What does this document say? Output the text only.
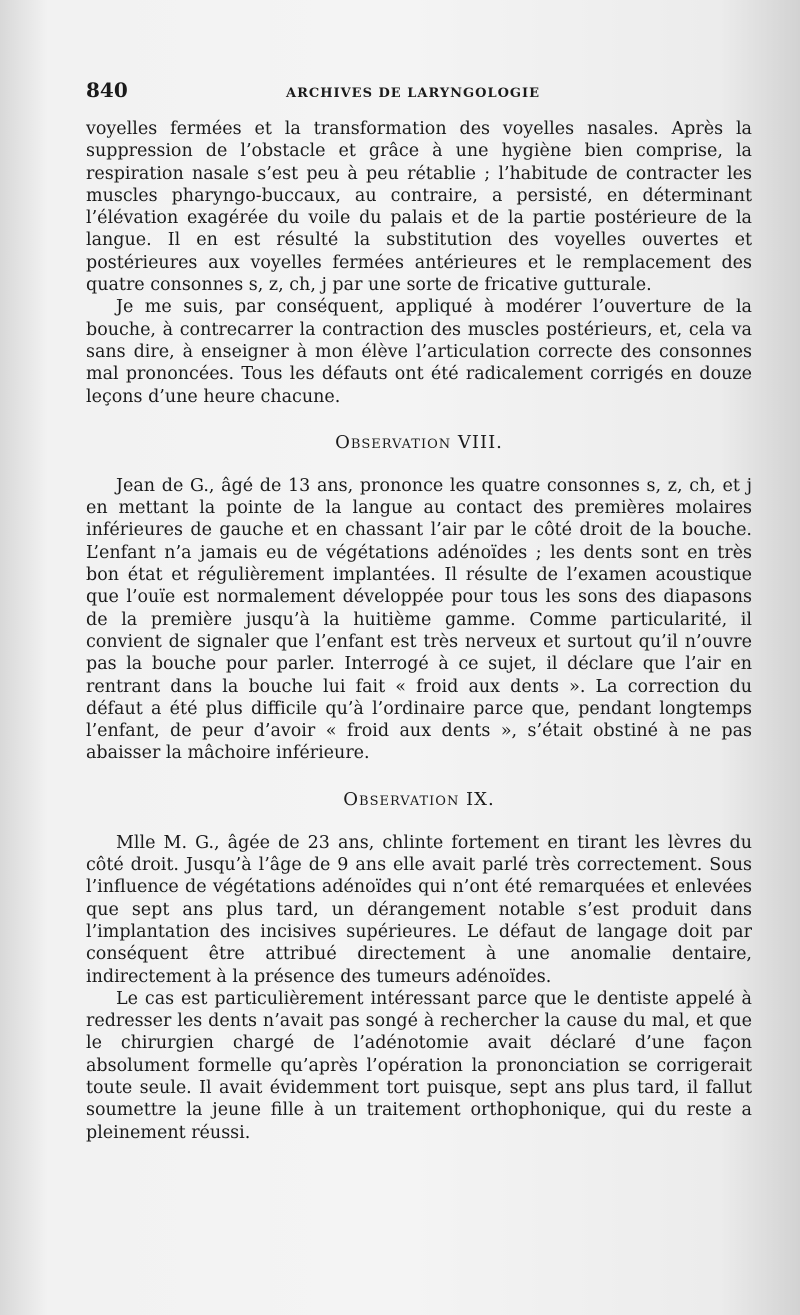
840	ARCHIVES DE LARYNGOLOGIE

voyelles fermées et la transformation des voyelles nasales. Après la suppression de l’obstacle et grâce à une hygiène bien comprise, la respiration nasale s’est peu à peu rétablie ; l’habitude de contracter les muscles pharyngo-buccaux, au contraire, a persisté, en déterminant l’élévation exagérée du voile du palais et de la partie postérieure de la langue. Il en est résulté la substitution des voyelles ouvertes et postérieures aux voyelles fermées antérieures et le remplacement des quatre consonnes s, z, ch, j par une sorte de fricative gutturale.

Je me suis, par conséquent, appliqué à modérer l’ouverture de la bouche, à contrecarrer la contraction des muscles postérieurs, et, cela va sans dire, à enseigner à mon élève l’articulation correcte des consonnes mal prononcées. Tous les défauts ont été radicalement corrigés en douze leçons d’une heure chacune.

Observation VIII.

Jean de G., âgé de 13 ans, prononce les quatre consonnes s, z, ch, et j en mettant la pointe de la langue au contact des premières molaires inférieures de gauche et en chassant l’air par le côté droit de la bouche. L’enfant n’a jamais eu de végétations adénoïdes ; les dents sont en très bon état et régulièrement implantées. Il résulte de l’examen acoustique que l’ouïe est normalement développée pour tous les sons des diapasons de la première jusqu’à la huitième gamme. Comme particularité, il convient de signaler que l’enfant est très nerveux et surtout qu’il n’ouvre pas la bouche pour parler. Interrogé à ce sujet, il déclare que l’air en rentrant dans la bouche lui fait « froid aux dents ». La correction du défaut a été plus difficile qu’à l’ordinaire parce que, pendant longtemps l’enfant, de peur d’avoir « froid aux dents », s’était obstiné à ne pas abaisser la mâchoire inférieure.

Observation IX.

Mlle M. G., âgée de 23 ans, chlinte fortement en tirant les lèvres du côté droit. Jusqu’à l’âge de 9 ans elle avait parlé très correctement. Sous l’influence de végétations adénoïdes qui n’ont été remarquées et enlevées que sept ans plus tard, un dérangement notable s’est produit dans l’implantation des incisives supérieures. Le défaut de langage doit par conséquent être attribué directement à une anomalie dentaire, indirectement à la présence des tumeurs adénoïdes.

Le cas est particulièrement intéressant parce que le dentiste appelé à redresser les dents n’avait pas songé à rechercher la cause du mal, et que le chirurgien chargé de l’adénotomie avait déclaré d’une façon absolument formelle qu’après l’opération la prononciation se corrigerait toute seule. Il avait évidemment tort puisque, sept ans plus tard, il fallut soumettre la jeune fille à un traitement orthophonique, qui du reste a pleinement réussi.
